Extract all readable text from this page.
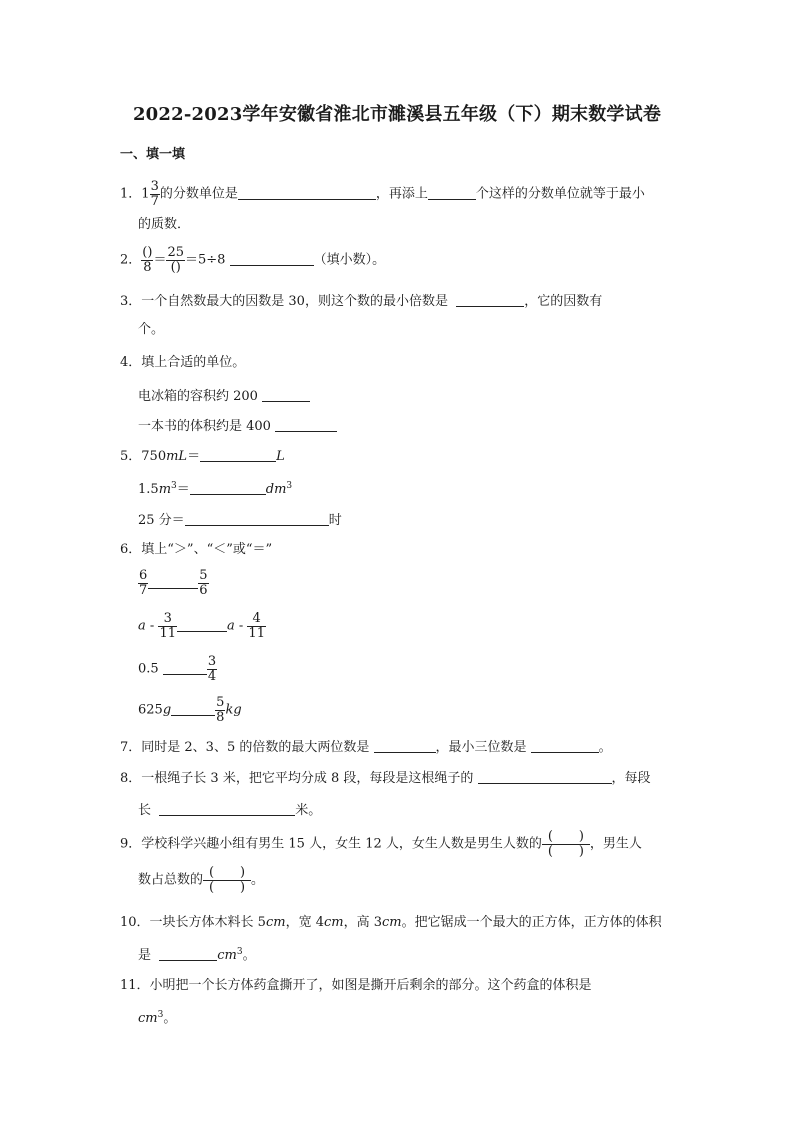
2022-2023学年安徽省淮北市濉溪县五年级（下）期末数学试卷
一、填一填
1．$1 \frac{3}{7}$ 的分数单位是	，再添上	个这样的分数单位就等于最小
的质数．
2． $\frac{()}{8} = \frac{25}{()} =5\div 8$	（填小数）。
3．一个自然数最大的因数是 30，则这个数的最小倍数是	，它的因数有
个。
4．填上合适的单位。
电冰箱的容积约 200
一本书的体积约是 400
5．750mL＝	L
$1.5m^3=$	$dm^3$
25 分＝	时
6．填上“＞”、“＜”或“＝”
$\frac{6}{7}$	$\frac{5}{6}$
a - $\frac{3}{11}$	a - $\frac{4}{11}$
0.5	$\frac{3}{4}$
625g	$\frac{5}{8}$ kg
7．同时是 2、3、5 的倍数的最大两位数是	，最小三位数是	。
8．一根绳子长 3 米，把它平均分成 8 段，每段是这根绳子的	，每段
长	米。
9．学校科学兴趣小组有男生 15 人，女生 12 人，女生人数是男生人数的
(　　)
(　　) ，男生人
数占总数的
(　　)
(　　) 。
10．一块长方体木料长 5cm，宽 4cm，高 3cm。把它锯成一个最大的正方体，正方体的体积
是	$cm^3$。
11．小明把一个长方体药盒撕开了，如图是撕开后剩余的部分。这个药盒的体积是
$cm^3$。
